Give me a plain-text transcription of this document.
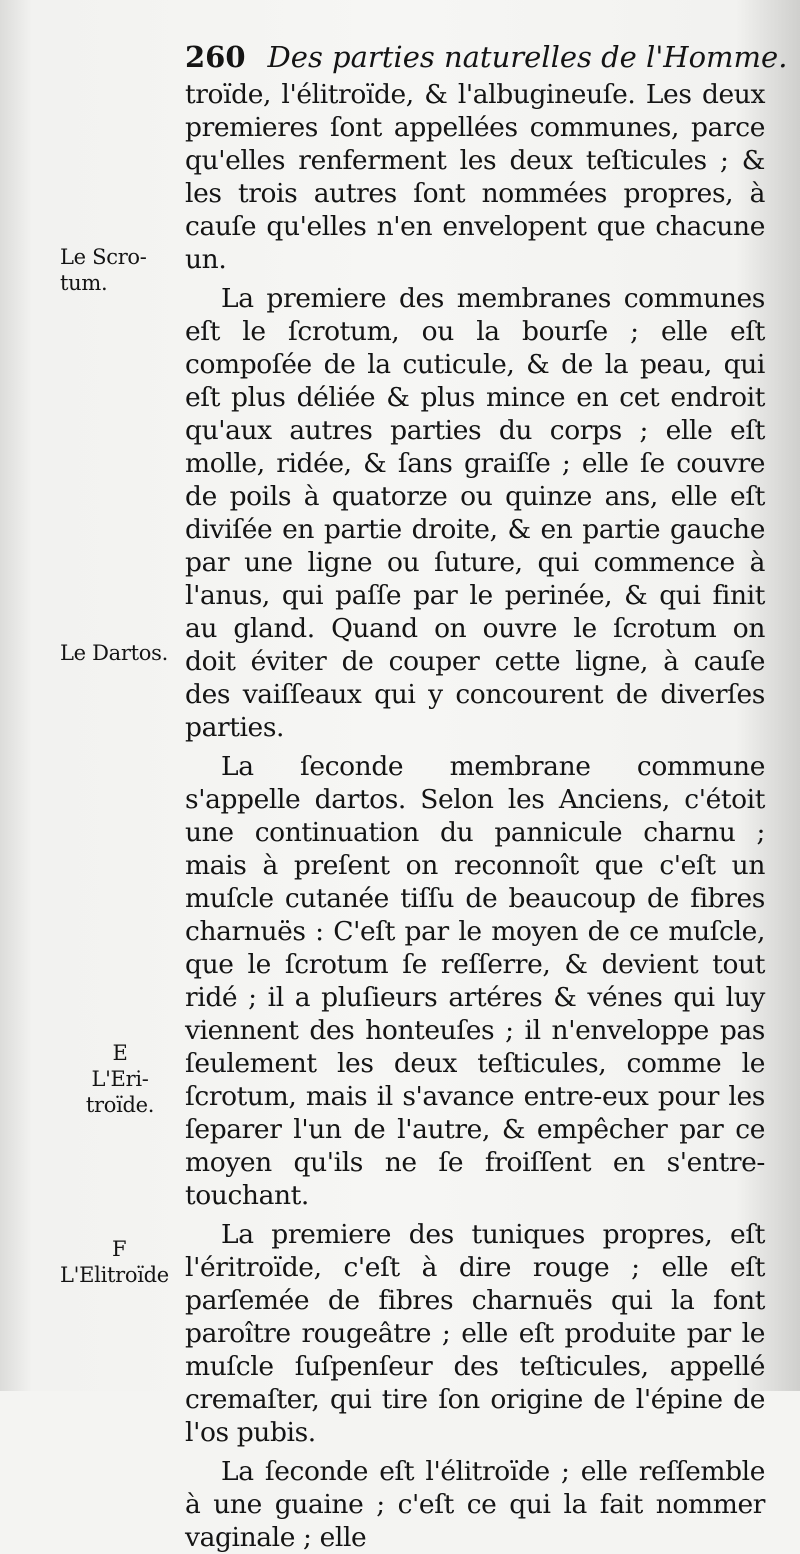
260 Des parties naturelles de l'Homme.
Le Scro-
tum.
Le Dartos.
E
L'Eri-
troïde.
F
L'Elitroïde

troïde, l'élitroïde, & l'albugineuſe. Les deux premieres ſont appellées communes, parce qu'elles renferment les deux teſticules ; & les trois autres ſont nommées propres, à cauſe qu'elles n'en envelopent que chacune un.

La premiere des membranes communes eſt le ſcrotum, ou la bourſe ; elle eſt compoſée de la cuticule, & de la peau, qui eſt plus déliée & plus mince en cet endroit qu'aux autres parties du corps ; elle eſt molle, ridée, & ſans graiſſe ; elle ſe couvre de poils à quatorze ou quinze ans, elle eſt diviſée en partie droite, & en partie gauche par une ligne ou ſuture, qui commence à l'anus, qui paſſe par le perinée, & qui finit au gland. Quand on ouvre le ſcrotum on doit éviter de couper cette ligne, à cauſe des vaiſſeaux qui y concourent de diverſes parties.

La ſeconde membrane commune s'appelle dartos. Selon les Anciens, c'étoit une continuation du pannicule charnu ; mais à preſent on reconnoît que c'eſt un muſcle cutanée tiſſu de beaucoup de fibres charnuës : C'eſt par le moyen de ce muſcle, que le ſcrotum ſe reſſerre, & devient tout ridé ; il a pluſieurs artéres & vénes qui luy viennent des honteuſes ; il n'enveloppe pas ſeulement les deux teſticules, comme le ſcrotum, mais il s'avance entre-eux pour les ſeparer l'un de l'autre, & empêcher par ce moyen qu'ils ne ſe froiſſent en s'entre-touchant.

La premiere des tuniques propres, eſt l'éritroïde, c'eſt à dire rouge ; elle eſt parſemée de fibres charnuës qui la font paroître rougeâtre ; elle eſt produite par le muſcle ſuſpenſeur des teſticules, appellé cremaſter, qui tire ſon origine de l'épine de l'os pubis.

La ſeconde eſt l'élitroïde ; elle reſſemble à une guaine ; c'eſt ce qui la fait nommer vaginale ; elle
